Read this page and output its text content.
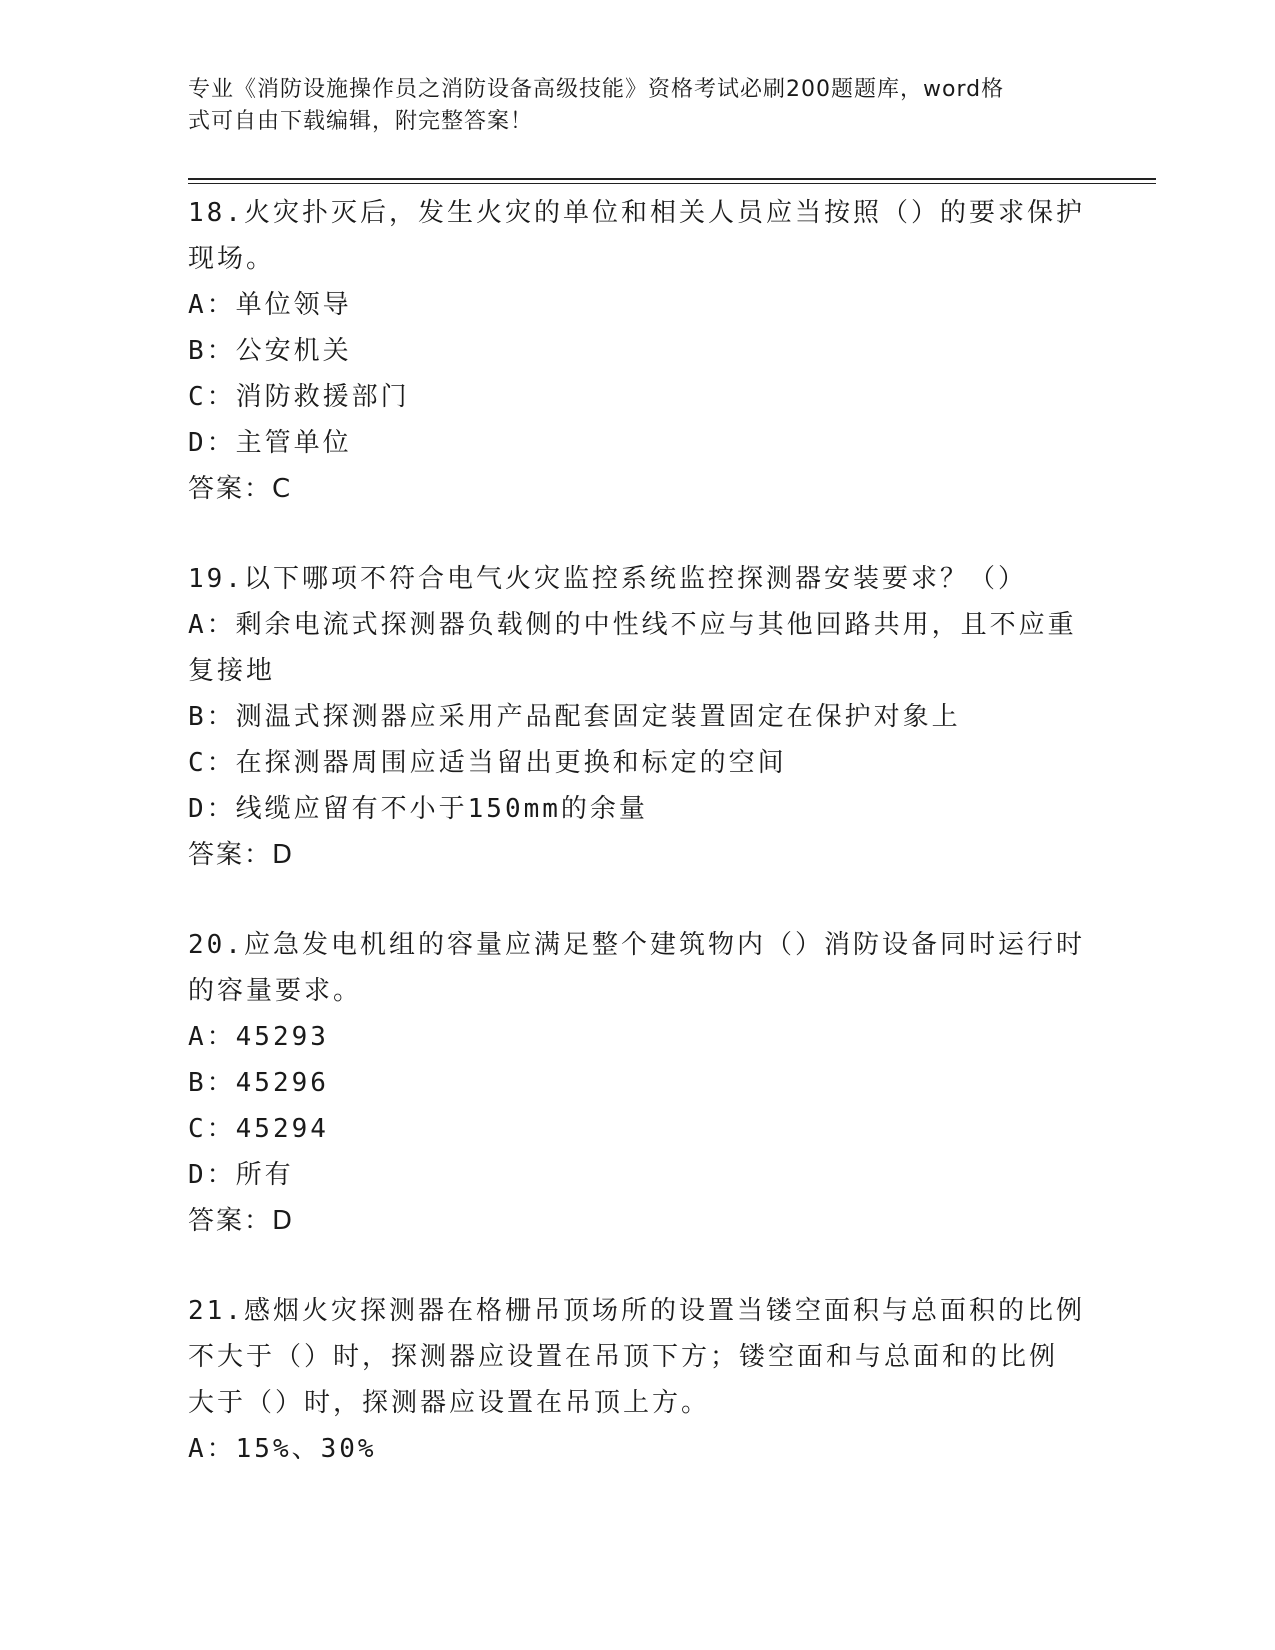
专业《消防设施操作员之消防设备高级技能》资格考试必刷200题题库，word格
式可自由下载编辑，附完整答案！
18.火灾扑灭后，发生火灾的单位和相关人员应当按照（）的要求保护
现场。
A：单位领导
B：公安机关
C：消防救援部门
D：主管单位
答案：C
19.以下哪项不符合电气火灾监控系统监控探测器安装要求？（）
A：剩余电流式探测器负载侧的中性线不应与其他回路共用，且不应重
复接地
B：测温式探测器应采用产品配套固定装置固定在保护对象上
C：在探测器周围应适当留出更换和标定的空间
D：线缆应留有不小于150mm的余量
答案：D
20.应急发电机组的容量应满足整个建筑物内（）消防设备同时运行时
的容量要求。
A：45293
B：45296
C：45294
D：所有
答案：D
21.感烟火灾探测器在格栅吊顶场所的设置当镂空面积与总面积的比例
不大于（）时，探测器应设置在吊顶下方；镂空面和与总面和的比例
大于（）时，探测器应设置在吊顶上方。
A：15%、30%
